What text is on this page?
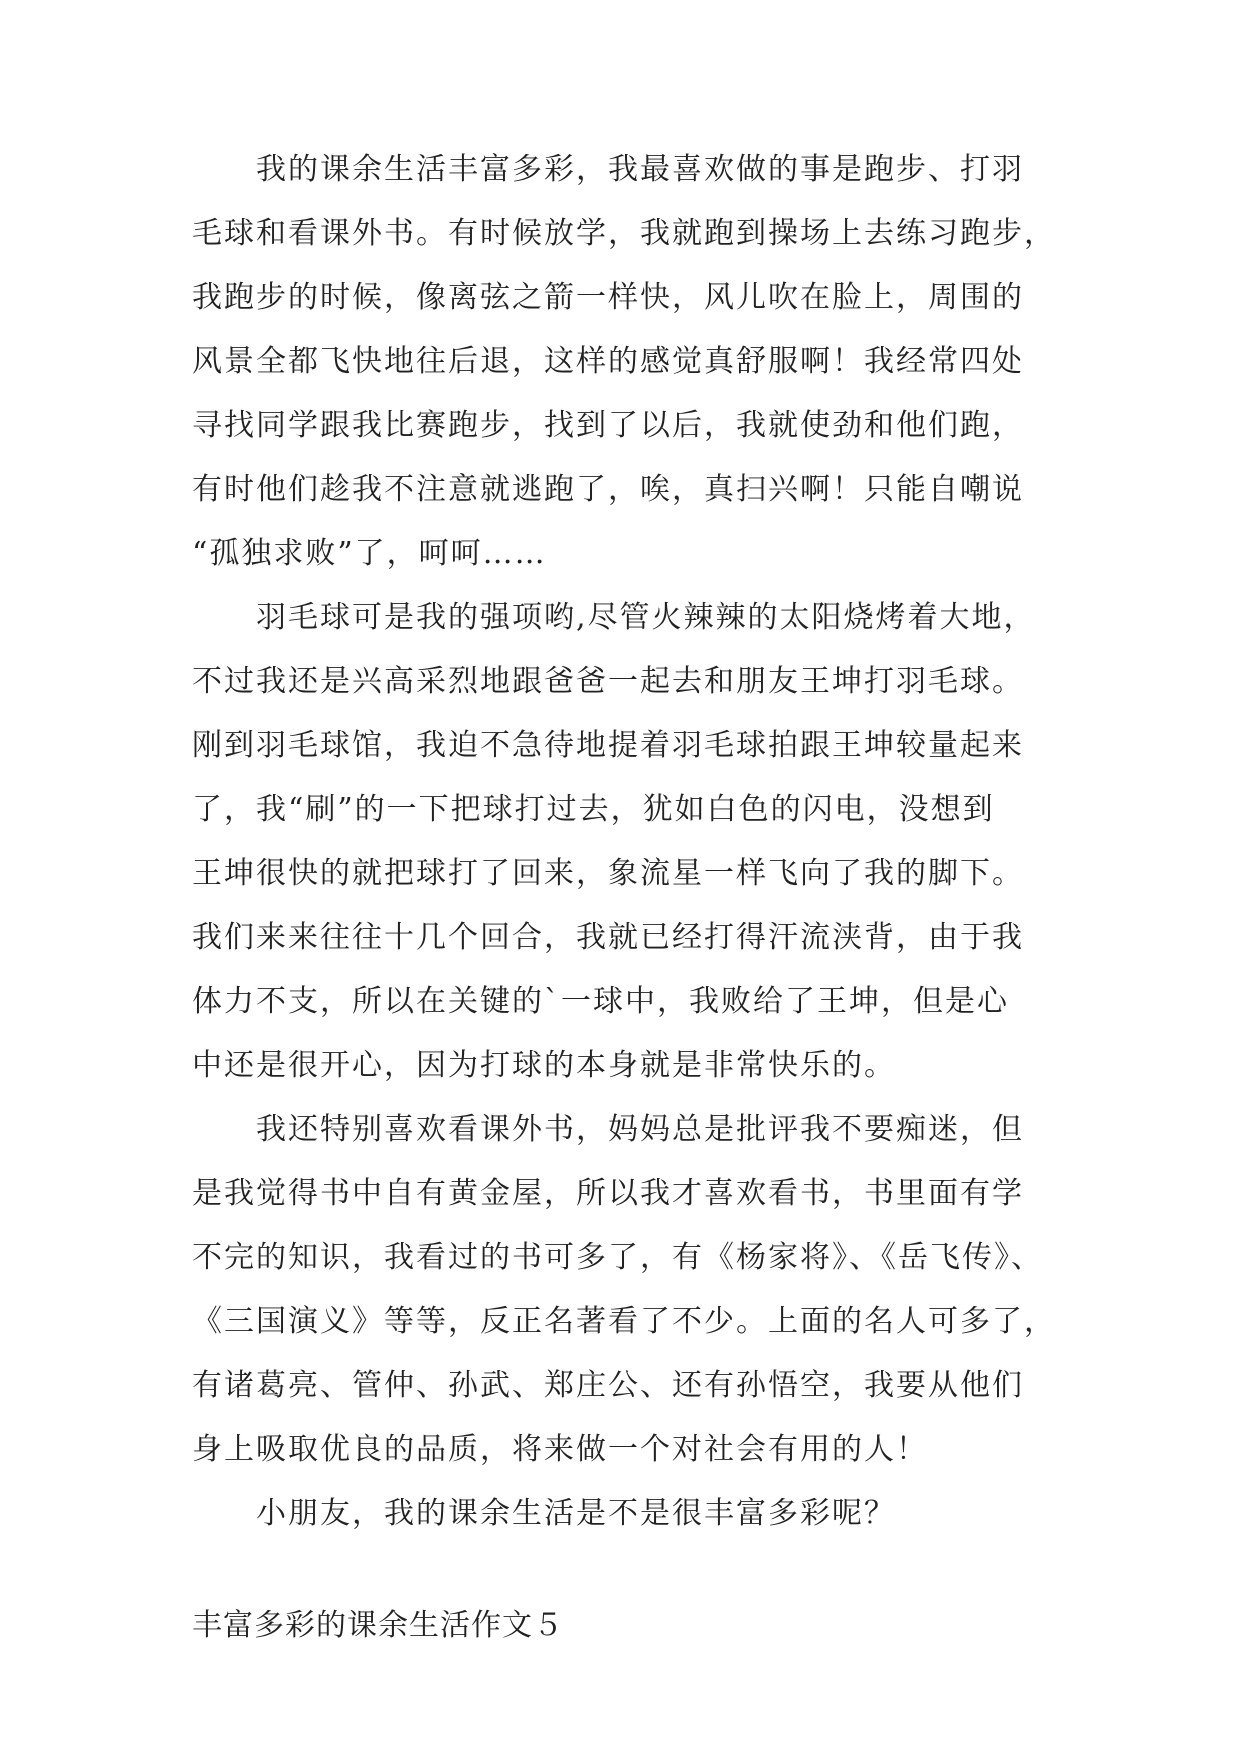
我的课余生活丰富多彩，我最喜欢做的事是跑步、打羽
毛球和看课外书。有时候放学，我就跑到操场上去练习跑步，
我跑步的时候，像离弦之箭一样快，风儿吹在脸上，周围的
风景全都飞快地往后退，这样的感觉真舒服啊！我经常四处
寻找同学跟我比赛跑步，找到了以后，我就使劲和他们跑，
有时他们趁我不注意就逃跑了，唉，真扫兴啊！只能自嘲说
“孤独求败”了，呵呵……
羽毛球可是我的强项哟,尽管火辣辣的太阳烧烤着大地，
不过我还是兴高采烈地跟爸爸一起去和朋友王坤打羽毛球。
刚到羽毛球馆，我迫不急待地提着羽毛球拍跟王坤较量起来
了，我“刷”的一下把球打过去，犹如白色的闪电，没想到
王坤很快的就把球打了回来，象流星一样飞向了我的脚下。
我们来来往往十几个回合，我就已经打得汗流浃背，由于我
体力不支，所以在关键的`一球中，我败给了王坤，但是心
中还是很开心，因为打球的本身就是非常快乐的。
我还特别喜欢看课外书，妈妈总是批评我不要痴迷，但
是我觉得书中自有黄金屋，所以我才喜欢看书，书里面有学
不完的知识，我看过的书可多了，有《杨家将》、《岳飞传》、
《三国演义》等等，反正名著看了不少。上面的名人可多了，
有诸葛亮、管仲、孙武、郑庄公、还有孙悟空，我要从他们
身上吸取优良的品质，将来做一个对社会有用的人！
小朋友，我的课余生活是不是很丰富多彩呢？
丰富多彩的课余生活作文５
